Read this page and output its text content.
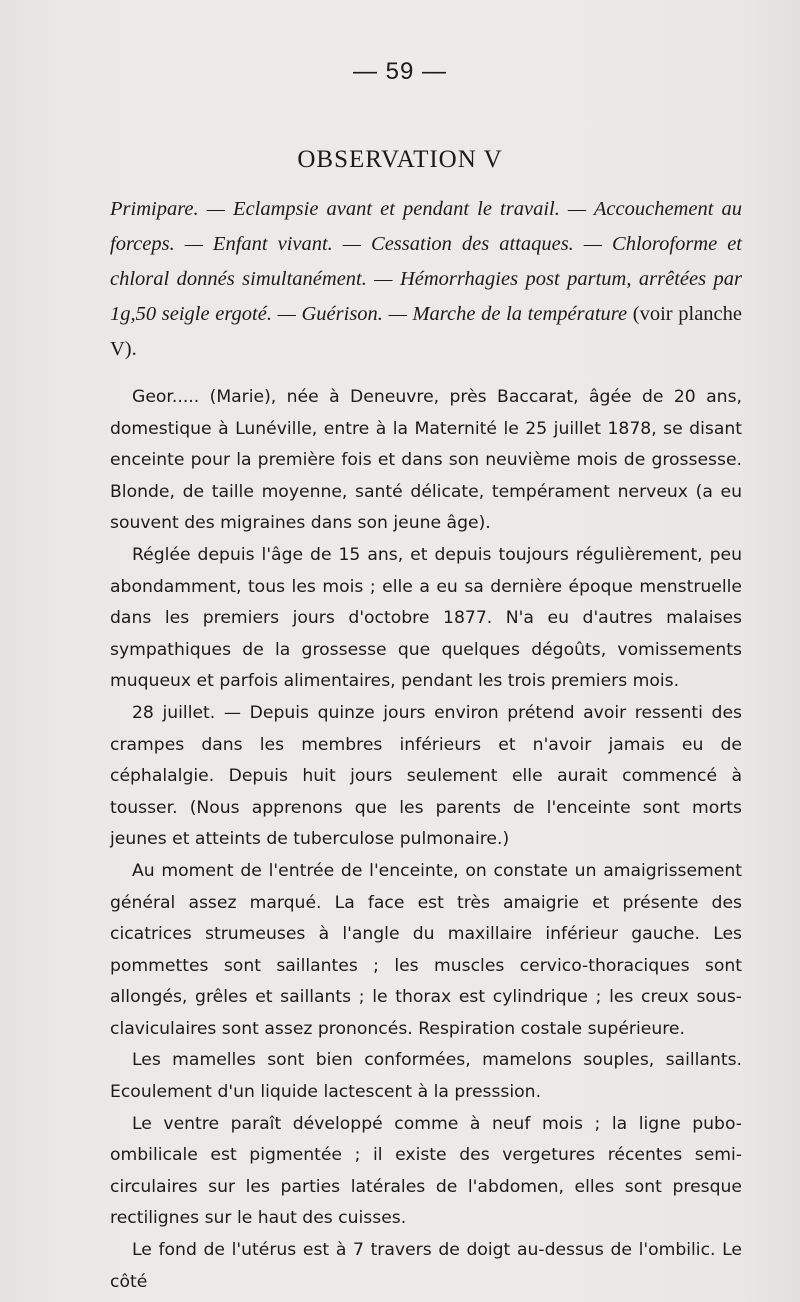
— 59 —
OBSERVATION V
Primipare. — Eclampsie avant et pendant le travail. — Accouchement au forceps. — Enfant vivant. — Cessation des attaques. — Chloroforme et chloral donnés simultanément. — Hémorrhagies post partum, arrêtées par 1g,50 seigle ergoté. — Guérison. — Marche de la température (voir planche V).

Geor..... (Marie), née à Deneuvre, près Baccarat, âgée de 20 ans, domestique à Lunéville, entre à la Maternité le 25 juillet 1878, se disant enceinte pour la première fois et dans son neuvième mois de grossesse. Blonde, de taille moyenne, santé délicate, tempérament nerveux (a eu souvent des migraines dans son jeune âge).

Réglée depuis l'âge de 15 ans, et depuis toujours régulièrement, peu abondamment, tous les mois ; elle a eu sa dernière époque menstruelle dans les premiers jours d'octobre 1877. N'a eu d'autres malaises sympathiques de la grossesse que quelques dégoûts, vomissements muqueux et parfois alimentaires, pendant les trois premiers mois.

28 juillet. — Depuis quinze jours environ prétend avoir ressenti des crampes dans les membres inférieurs et n'avoir jamais eu de céphalalgie. Depuis huit jours seulement elle aurait commencé à tousser. (Nous apprenons que les parents de l'enceinte sont morts jeunes et atteints de tuberculose pulmonaire.)

Au moment de l'entrée de l'enceinte, on constate un amaigrissement général assez marqué. La face est très amaigrie et présente des cicatrices strumeuses à l'angle du maxillaire inférieur gauche. Les pommettes sont saillantes ; les muscles cervico-thoraciques sont allongés, grêles et saillants ; le thorax est cylindrique ; les creux sous-claviculaires sont assez prononcés. Respiration costale supérieure.

Les mamelles sont bien conformées, mamelons souples, saillants. Ecoulement d'un liquide lactescent à la presssion.

Le ventre paraît développé comme à neuf mois ; la ligne pubo-ombilicale est pigmentée ; il existe des vergetures récentes semi-circulaires sur les parties latérales de l'abdomen, elles sont presque rectilignes sur le haut des cuisses.

Le fond de l'utérus est à 7 travers de doigt au-dessus de l'ombilic. Le côté
